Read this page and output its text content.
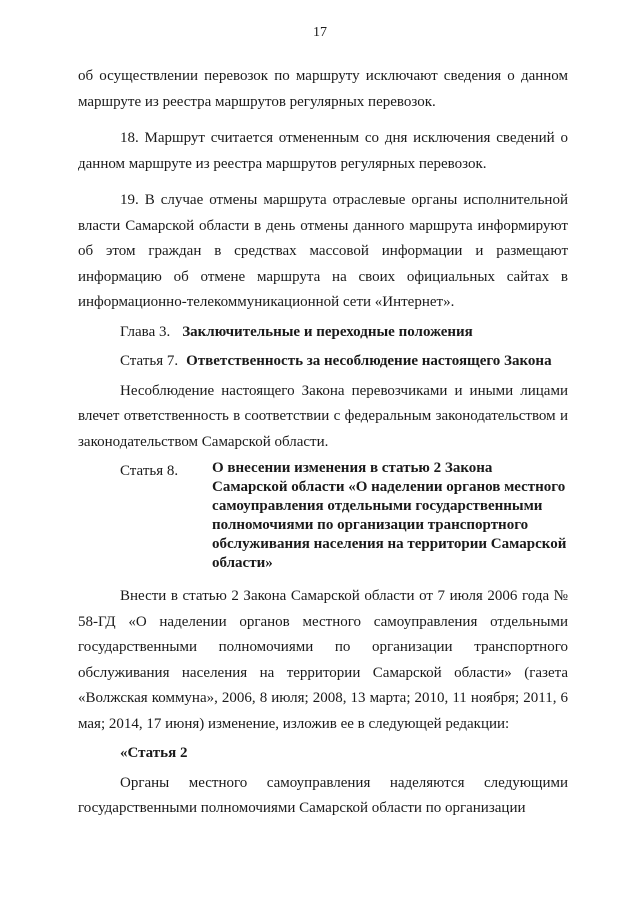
17

об осуществлении перевозок по маршруту исключают сведения о данном маршруте из реестра маршрутов регулярных перевозок.

18. Маршрут считается отмененным со дня исключения сведений о данном маршруте из реестра маршрутов регулярных перевозок.

19. В случае отмены маршрута отраслевые органы исполнительной власти Самарской области в день отмены данного маршрута информируют об этом граждан в средствах массовой информации и размещают информацию об отмене маршрута на своих официальных сайтах в информационно-телекоммуникационной сети «Интернет».

Глава 3. Заключительные и переходные положения
Статья 7. Ответственность за несоблюдение настоящего Закона

Несоблюдение настоящего Закона перевозчиками и иными лицами влечет ответственность в соответствии с федеральным законодательством и законодательством Самарской области.

Статья 8.	О внесении изменения в статью 2 Закона Самарской области «О наделении органов местного самоуправления отдельными государственными полномочиями по организации транспортного обслуживания населения на территории Самарской области»

Внести в статью 2 Закона Самарской области от 7 июля 2006 года № 58-ГД «О наделении органов местного самоуправления отдельными государственными полномочиями по организации транспортного обслуживания населения на территории Самарской области» (газета «Волжская коммуна», 2006, 8 июля; 2008, 13 марта; 2010, 11 ноября; 2011, 6 мая; 2014, 17 июня) изменение, изложив ее в следующей редакции:

«Статья 2

Органы местного самоуправления наделяются следующими государственными полномочиями Самарской области по организации
